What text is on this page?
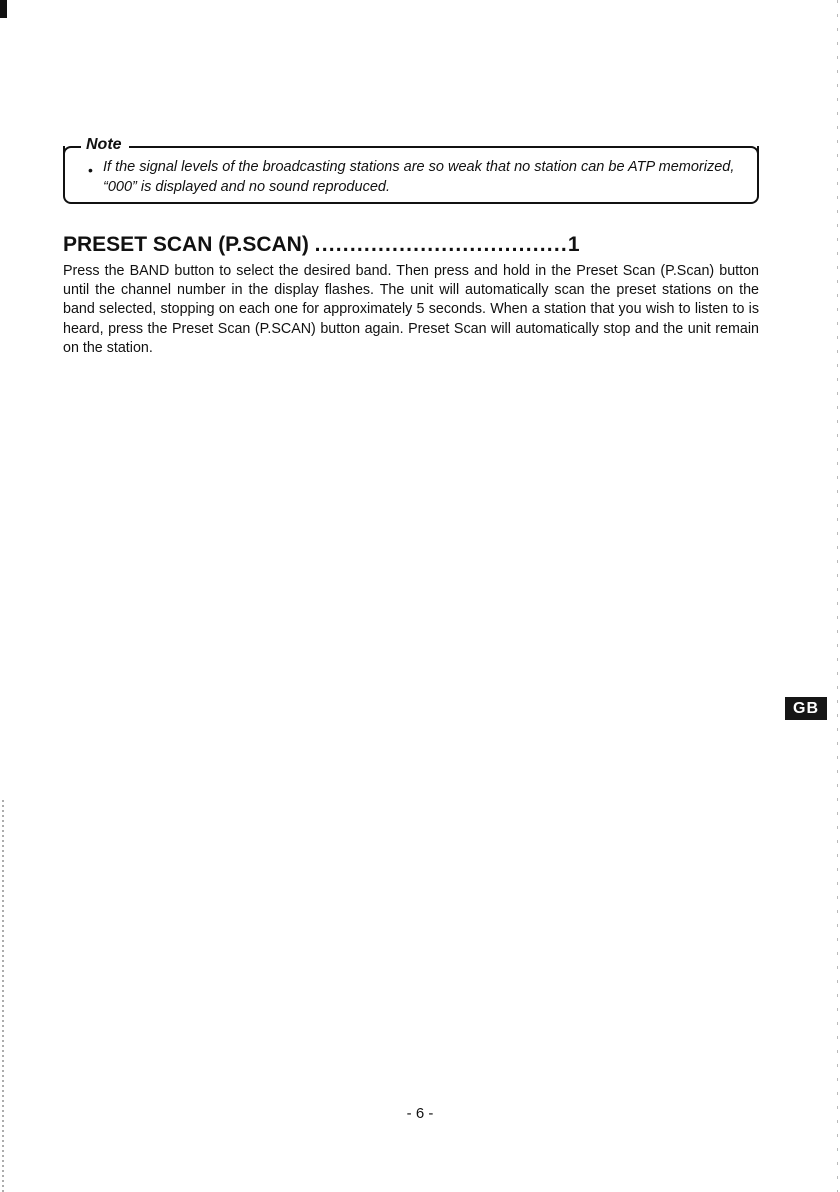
Note
• If the signal levels of the broadcasting stations are so weak that no station can be ATP memorized, “000” is displayed and no sound reproduced.
PRESET SCAN (P.SCAN) ....................................1
Press the BAND button to select the desired band. Then press and hold in the Preset Scan (P.Scan) button until the channel number in the display flashes. The unit will automatically scan the preset stations on the band selected, stopping on each one for approximately 5 seconds. When a station that you wish to listen to is heard, press the Preset Scan (P.SCAN) button again. Preset Scan will automatically stop and the unit remain on the station.
GB
- 6 -
